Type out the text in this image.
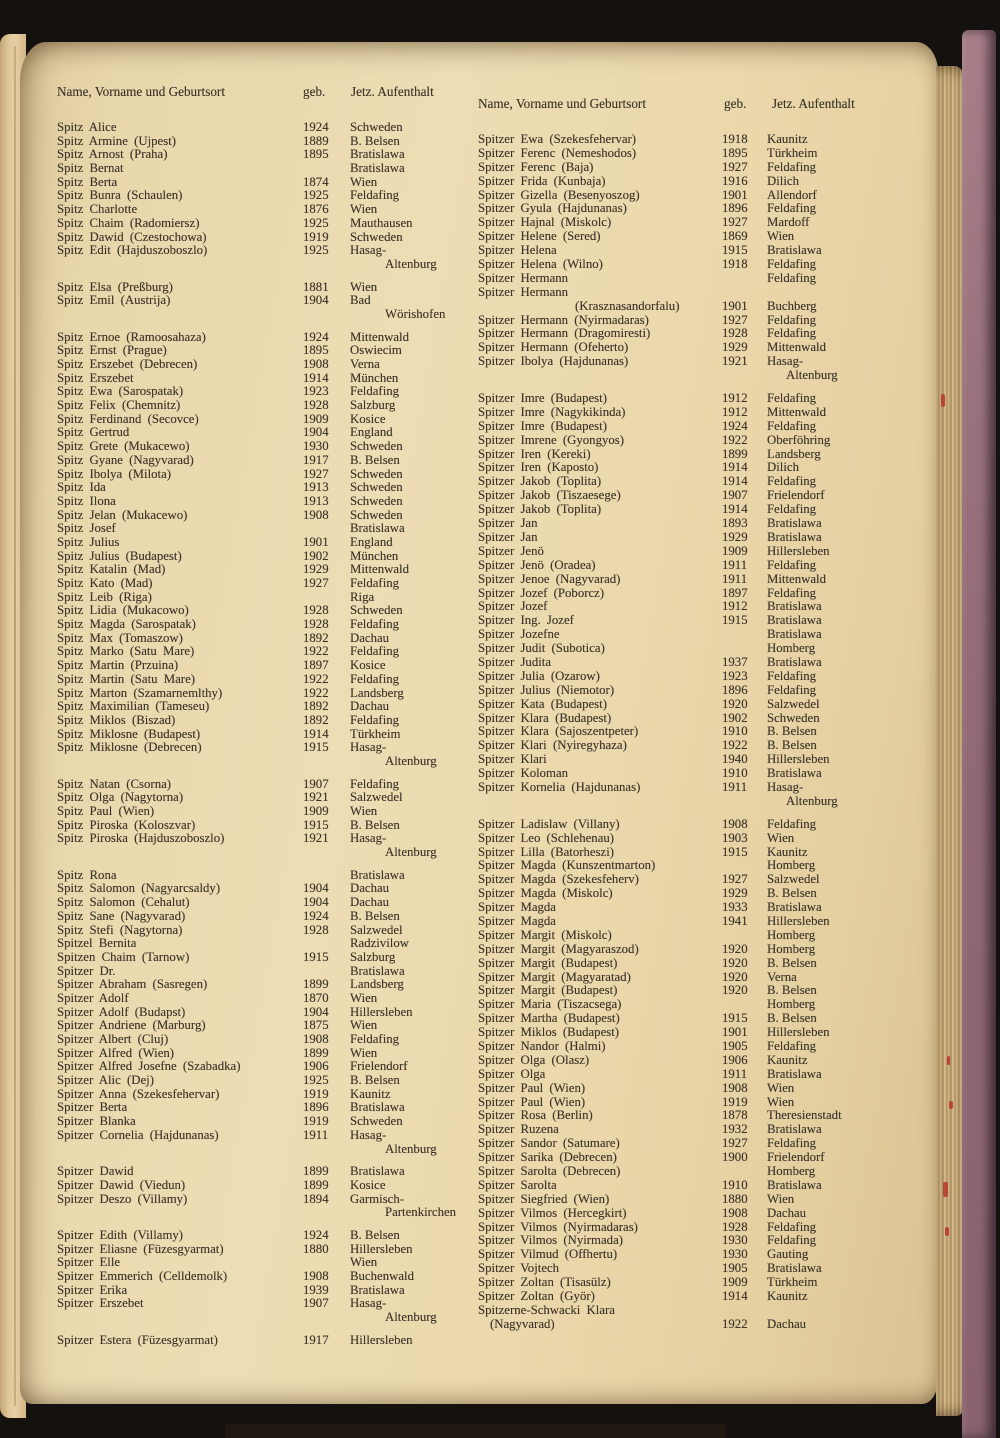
Name, Vorname und Geburtsort	geb. Jetz. Aufenthalt
Spitz Alice	1924 Schweden
Spitz Armine (Ujpest)	1889 B. Belsen
Spitz Arnost (Praha)	1895 Bratislawa
Spitz Bernat	Bratislawa
Spitz Berta	1874 Wien
Spitz Bunra (Schaulen)	1925 Feldafing
Spitz Charlotte	1876 Wien
Spitz Chaim (Radomiersz)	1925 Mauthausen
Spitz Dawid (Czestochowa)	1919 Schweden
Spitz Edit (Hajduszoboszlo)	1925 Hasag-
Altenburg
Spitz Elsa (Preßburg)	1881 Wien
Spitz Emil (Austrija)	1904 Bad
Wörishofen
Spitz Ernoe (Ramoosahaza)	1924 Mittenwald
Spitz Ernst (Prague)	1895 Oswiecim
Spitz Erszebet (Debrecen)	1908 Verna
Spitz Erszebet	1914 München
Spitz Ewa (Sarospatak)	1923 Feldafing
Spitz Felix (Chemnitz)	1928 Salzburg
Spitz Ferdinand (Secovce)	1909 Kosice
Spitz Gertrud	1904 England
Spitz Grete (Mukacewo)	1930 Schweden
Spitz Gyane (Nagyvarad)	1917 B. Belsen
Spitz Ibolya (Milota)	1927 Schweden
Spitz Ida	1913 Schweden
Spitz Ilona	1913 Schweden
Spitz Jelan (Mukacewo)	1908 Schweden
Spitz Josef	Bratislawa
Spitz Julius	1901 England
Spitz Julius (Budapest)	1902 München
Spitz Katalin (Mad)	1929 Mittenwald
Spitz Kato (Mad)	1927 Feldafing
Spitz Leib (Riga)	Riga
Spitz Lidia (Mukacowo)	1928 Schweden
Spitz Magda (Sarospatak)	1928 Feldafing
Spitz Max (Tomaszow)	1892 Dachau
Spitz Marko (Satu Mare)	1922 Feldafing
Spitz Martin (Przuina)	1897 Kosice
Spitz Martin (Satu Mare)	1922 Feldafing
Spitz Marton (Szamarnemlthy)	1922 Landsberg
Spitz Maximilian (Tameseu)	1892 Dachau
Spitz Miklos (Biszad)	1892 Feldafing
Spitz Miklosne (Budapest)	1914 Türkheim
Spitz Miklosne (Debrecen)	1915 Hasag-
Altenburg
Spitz Natan (Csorna)	1907 Feldafing
Spitz Olga (Nagytorna)	1921 Salzwedel
Spitz Paul (Wien)	1909 Wien
Spitz Piroska (Koloszvar)	1915 B. Belsen
Spitz Piroska (Hajduszoboszlo)	1921 Hasag-
Altenburg
Spitz Rona	Bratislawa
Spitz Salomon (Nagyarcsaldy)	1904 Dachau
Spitz Salomon (Cehalut)	1904 Dachau
Spitz Sane (Nagyvarad)	1924 B. Belsen
Spitz Stefi (Nagytorna)	1928 Salzwedel
Spitzel Bernita	Radzivilow
Spitzen Chaim (Tarnow)	1915 Salzburg
Spitzer Dr.	Bratislawa
Spitzer Abraham (Sasregen)	1899 Landsberg
Spitzer Adolf	1870 Wien
Spitzer Adolf (Budapst)	1904 Hillersleben
Spitzer Andriene (Marburg)	1875 Wien
Spitzer Albert (Cluj)	1908 Feldafing
Spitzer Alfred (Wien)	1899 Wien
Spitzer Alfred Josefne (Szabadka)	1906 Frielendorf
Spitzer Alic (Dej)	1925 B. Belsen
Spitzer Anna (Szekesfehervar)	1919 Kaunitz
Spitzer Berta	1896 Bratislawa
Spitzer Blanka	1919 Schweden
Spitzer Cornelia (Hajdunanas)	1911 Hasag-
Altenburg
Spitzer Dawid	1899 Bratislawa
Spitzer Dawid (Viedun)	1899 Kosice
Spitzer Deszo (Villamy)	1894 Garmisch-
Partenkirchen
Spitzer Edith (Villamy)	1924 B. Belsen
Spitzer Eliasne (Füzesgyarmat)	1880 Hillersleben
Spitzer Elle	Wien
Spitzer Emmerich (Celldemolk)	1908 Buchenwald
Spitzer Erika	1939 Bratislawa
Spitzer Erszebet	1907 Hasag-
Altenburg
Spitzer Estera (Füzesgyarmat)	1917 Hillersleben
Name, Vorname und Geburtsort	geb. Jetz. Aufenthalt
Spitzer Ewa (Szekesfehervar)	1918 Kaunitz
Spitzer Ferenc (Nemeshodos)	1895 Türkheim
Spitzer Ferenc (Baja)	1927 Feldafing
Spitzer Frida (Kunbaja)	1916 Dilich
Spitzer Gizella (Besenyoszog)	1901 Allendorf
Spitzer Gyula (Hajdunanas)	1896 Feldafing
Spitzer Hajnal (Miskolc)	1927 Mardoff
Spitzer Helene (Sered)	1869 Wien
Spitzer Helena	1915 Bratislawa
Spitzer Helena (Wilno)	1918 Feldafing
Spitzer Hermann	Feldafing
Spitzer Hermann
(Krasznasandorfalu)	1901 Buchberg
Spitzer Hermann (Nyirmadaras)	1927 Feldafing
Spitzer Hermann (Dragomiresti)	1928 Feldafing
Spitzer Hermann (Ofeherto)	1929 Mittenwald
Spitzer Ibolya (Hajdunanas)	1921 Hasag-
Altenburg
Spitzer Imre (Budapest)	1912 Feldafing
Spitzer Imre (Nagykikinda)	1912 Mittenwald
Spitzer Imre (Budapest)	1924 Feldafing
Spitzer Imrene (Gyongyos)	1922 Oberföhring
Spitzer Iren (Kereki)	1899 Landsberg
Spitzer Iren (Kaposto)	1914 Dilich
Spitzer Jakob (Toplita)	1914 Feldafing
Spitzer Jakob (Tiszaesege)	1907 Frielendorf
Spitzer Jakob (Toplita)	1914 Feldafing
Spitzer Jan	1893 Bratislawa
Spitzer Jan	1929 Bratislawa
Spitzer Jenö	1909 Hillersleben
Spitzer Jenö (Oradea)	1911 Feldafing
Spitzer Jenoe (Nagyvarad)	1911 Mittenwald
Spitzer Jozef (Poborcz)	1897 Feldafing
Spitzer Jozef	1912 Bratislawa
Spitzer Ing. Jozef	1915 Bratislawa
Spitzer Jozefne	Bratislawa
Spitzer Judit (Subotica)	Homberg
Spitzer Judita	1937 Bratislawa
Spitzer Julia (Ozarow)	1923 Feldafing
Spitzer Julius (Niemotor)	1896 Feldafing
Spitzer Kata (Budapest)	1920 Salzwedel
Spitzer Klara (Budapest)	1902 Schweden
Spitzer Klara (Sajoszentpeter)	1910 B. Belsen
Spitzer Klari (Nyiregyhaza)	1922 B. Belsen
Spitzer Klari	1940 Hillersleben
Spitzer Koloman	1910 Bratislawa
Spitzer Kornelia (Hajdunanas)	1911 Hasag-
Altenburg
Spitzer Ladislaw (Villany)	1908 Feldafing
Spitzer Leo (Schlehenau)	1903 Wien
Spitzer Lilla (Batorheszi)	1915 Kaunitz
Spitzer Magda (Kunszentmarton)	Homberg
Spitzer Magda (Szekesfeherv)	1927 Salzwedel
Spitzer Magda (Miskolc)	1929 B. Belsen
Spitzer Magda	1933 Bratislawa
Spitzer Magda	1941 Hillersleben
Spitzer Margit (Miskolc)	Homberg
Spitzer Margit (Magyaraszod)	1920 Homberg
Spitzer Margit (Budapest)	1920 B. Belsen
Spitzer Margit (Magyaratad)	1920 Verna
Spitzer Margit (Budapest)	1920 B. Belsen
Spitzer Maria (Tiszacsega)	Homberg
Spitzer Martha (Budapest)	1915 B. Belsen
Spitzer Miklos (Budapest)	1901 Hillersleben
Spitzer Nandor (Halmi)	1905 Feldafing
Spitzer Olga (Olasz)	1906 Kaunitz
Spitzer Olga	1911 Bratislawa
Spitzer Paul (Wien)	1908 Wien
Spitzer Paul (Wien)	1919 Wien
Spitzer Rosa (Berlin)	1878 Theresienstadt
Spitzer Ruzena	1932 Bratislawa
Spitzer Sandor (Satumare)	1927 Feldafing
Spitzer Sarika (Debrecen)	1900 Frielendorf
Spitzer Sarolta (Debrecen)	Homberg
Spitzer Sarolta	1910 Bratislawa
Spitzer Siegfried (Wien)	1880 Wien
Spitzer Vilmos (Hercegkirt)	1908 Dachau
Spitzer Vilmos (Nyirmadaras)	1928 Feldafing
Spitzer Vilmos (Nyirmada)	1930 Feldafing
Spitzer Vilmud (Offhertu)	1930 Gauting
Spitzer Vojtech	1905 Bratislawa
Spitzer Zoltan (Tisasülz)	1909 Türkheim
Spitzer Zoltan (Györ)	1914 Kaunitz
Spitzerne-Schwacki Klara
(Nagyvarad)	1922 Dachau
